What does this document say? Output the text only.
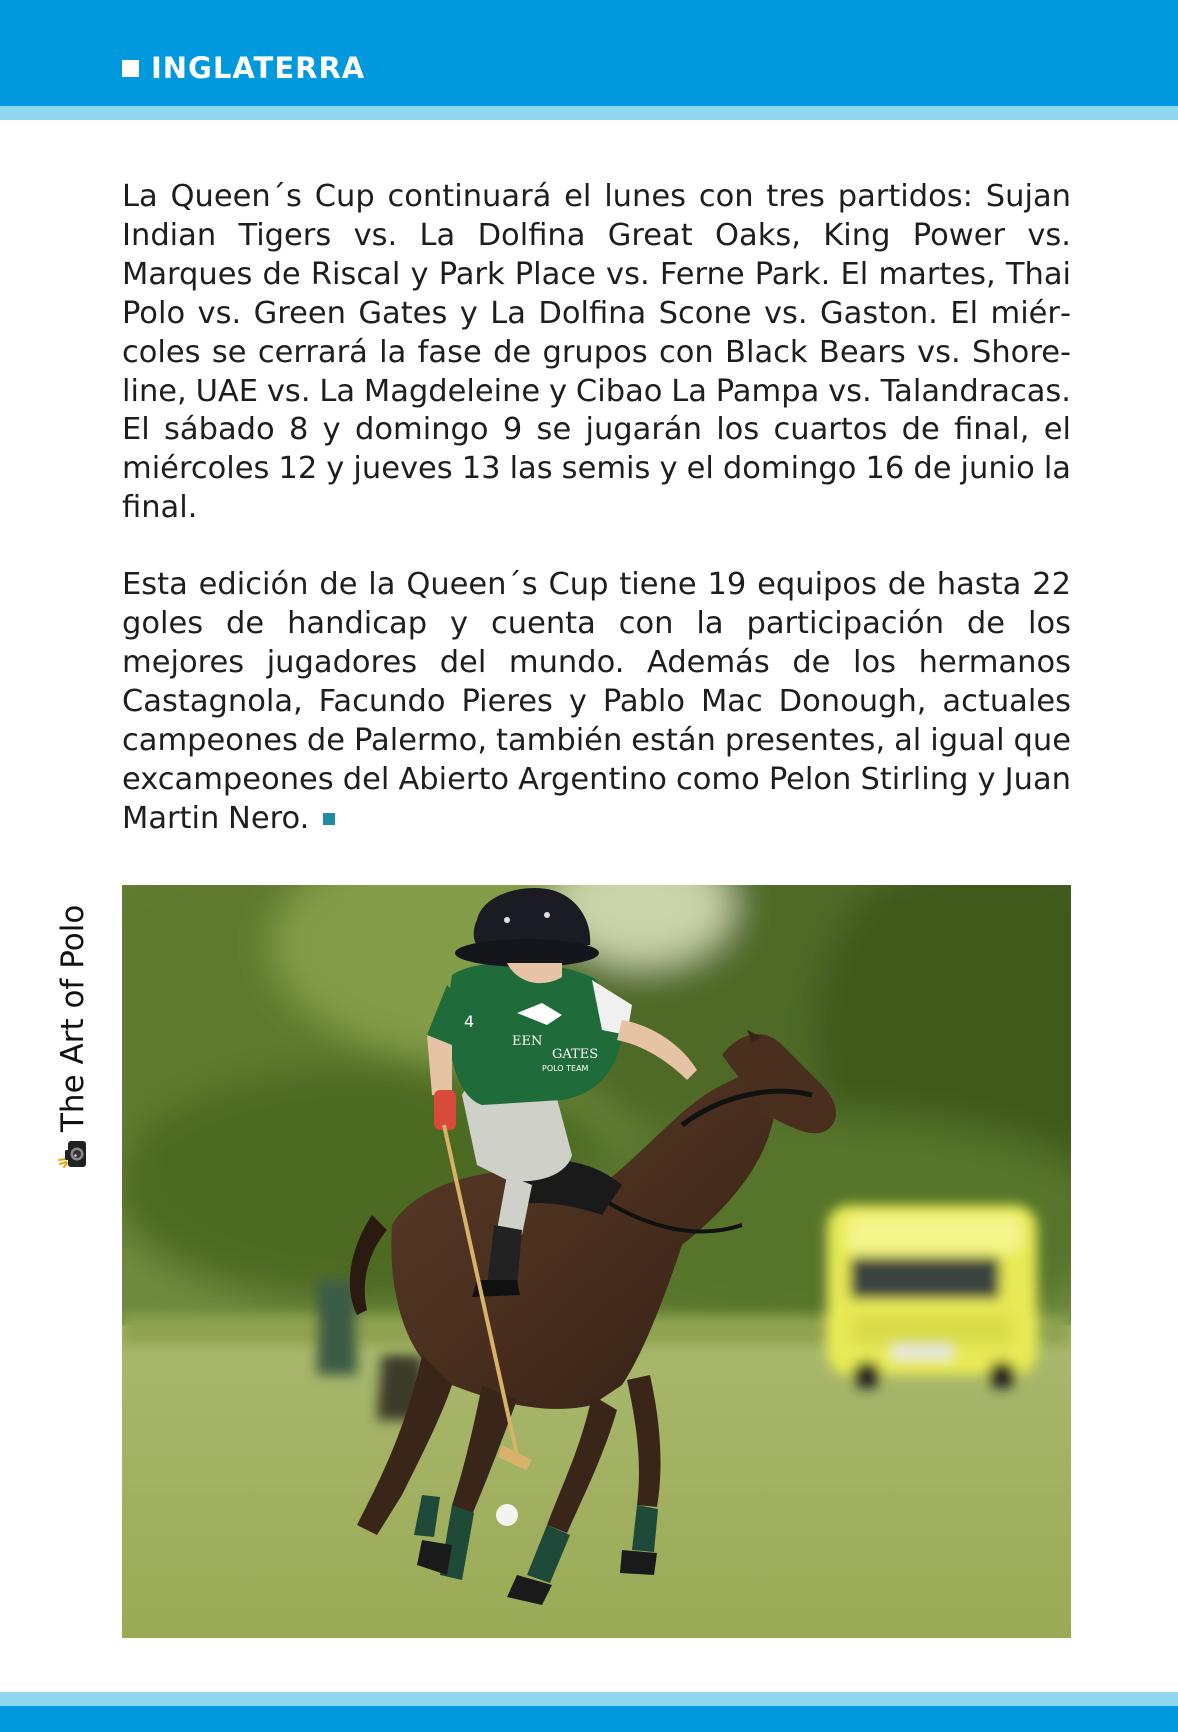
INGLATERRA

La Queen´s Cup continuará el lunes con tres partidos: Sujan Indian Tigers vs. La Dolfina Great Oaks, King Power vs. Marques de Riscal y Park Place vs. Ferne Park. El martes, Thai Polo vs. Green Gates y La Dolfina Scone vs. Gaston. El miércoles se cerrará la fase de grupos con Black Bears vs. Shoreline, UAE vs. La Magdeleine y Cibao La Pampa vs. Talandracas. El sábado 8 y domingo 9 se jugarán los cuartos de final, el miércoles 12 y jueves 13 las semis y el domingo 16 de junio la final.

Esta edición de la Queen´s Cup tiene 19 equipos de hasta 22 goles de handicap y cuenta con la participación de los mejores jugadores del mundo. Además de los hermanos Castagnola, Facundo Pieres y Pablo Mac Donough, actuales campeones de Palermo, también están presentes, al igual que excampeones del Abierto Argentino como Pelon Stirling y Juan Martin Nero.

The Art of Polo	4
EEN
GATES
POLO TEAM
